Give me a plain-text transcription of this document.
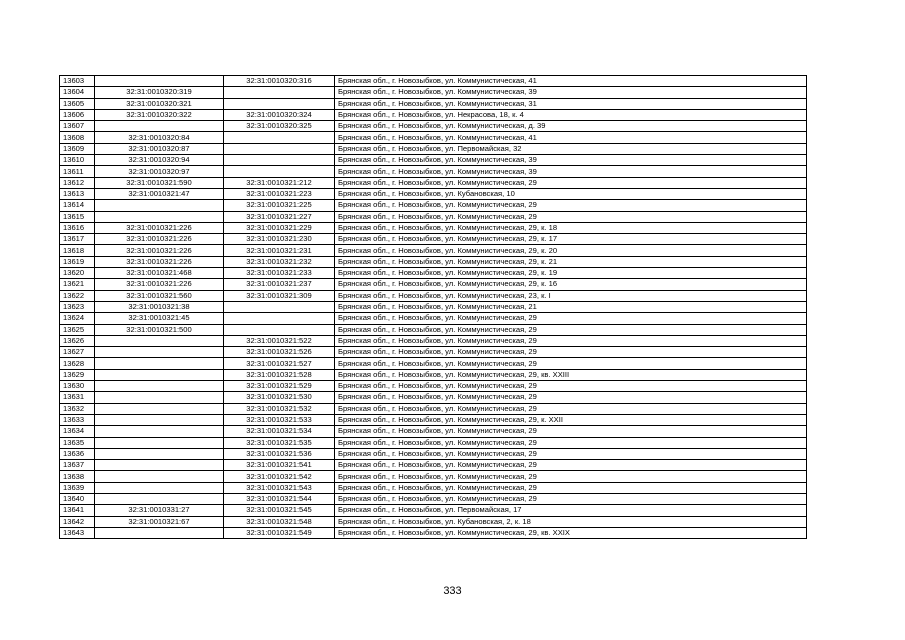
13603		32:31:0010320:316	Брянская обл., г. Новозыбков, ул. Коммунистическая, 41
13604	32:31:0010320:319		Брянская обл., г. Новозыбков, ул. Коммунистическая, 39
13605	32:31:0010320:321		Брянская обл., г. Новозыбков, ул. Коммунистическая, 31
13606	32:31:0010320:322	32:31:0010320:324	Брянская обл., г. Новозыбков, ул. Некрасова, 18, к. 4
13607		32:31:0010320:325	Брянская обл., г. Новозыбков, ул. Коммунистическая, д. 39
13608	32:31:0010320:84		Брянская обл., г. Новозыбков, ул. Коммунистическая, 41
13609	32:31:0010320:87		Брянская обл., г. Новозыбков, ул. Первомайская, 32
13610	32:31:0010320:94		Брянская обл., г. Новозыбков, ул. Коммунистическая, 39
13611	32:31:0010320:97		Брянская обл., г. Новозыбков, ул. Коммунистическая, 39
13612	32:31:0010321:590	32:31:0010321:212	Брянская обл., г. Новозыбков, ул. Коммунистическая, 29
13613	32:31:0010321:47	32:31:0010321:223	Брянская обл., г. Новозыбков, ул. Кубановская, 10
13614		32:31:0010321:225	Брянская обл., г. Новозыбков, ул. Коммунистическая, 29
13615		32:31:0010321:227	Брянская обл., г. Новозыбков, ул. Коммунистическая, 29
13616	32:31:0010321:226	32:31:0010321:229	Брянская обл., г. Новозыбков, ул. Коммунистическая, 29, к. 18
13617	32:31:0010321:226	32:31:0010321:230	Брянская обл., г. Новозыбков, ул. Коммунистическая, 29, к. 17
13618	32:31:0010321:226	32:31:0010321:231	Брянская обл., г. Новозыбков, ул. Коммунистическая, 29, к. 20
13619	32:31:0010321:226	32:31:0010321:232	Брянская обл., г. Новозыбков, ул. Коммунистическая, 29, к. 21
13620	32:31:0010321:468	32:31:0010321:233	Брянская обл., г. Новозыбков, ул. Коммунистическая, 29, к. 19
13621	32:31:0010321:226	32:31:0010321:237	Брянская обл., г. Новозыбков, ул. Коммунистическая, 29, к. 16
13622	32:31:0010321:560	32:31:0010321:309	Брянская обл., г. Новозыбков, ул. Коммунистическая, 23, к. I
13623	32:31:0010321:38		Брянская обл., г. Новозыбков, ул. Коммунистическая, 21
13624	32:31:0010321:45		Брянская обл., г. Новозыбков, ул. Коммунистическая, 29
13625	32:31:0010321:500		Брянская обл., г. Новозыбков, ул. Коммунистическая, 29
13626		32:31:0010321:522	Брянская обл., г. Новозыбков, ул. Коммунистическая, 29
13627		32:31:0010321:526	Брянская обл., г. Новозыбков, ул. Коммунистическая, 29
13628		32:31:0010321:527	Брянская обл., г. Новозыбков, ул. Коммунистическая, 29
13629		32:31:0010321:528	Брянская обл., г. Новозыбков, ул. Коммунистическая, 29, кв. XXIII
13630		32:31:0010321:529	Брянская обл., г. Новозыбков, ул. Коммунистическая, 29
13631		32:31:0010321:530	Брянская обл., г. Новозыбков, ул. Коммунистическая, 29
13632		32:31:0010321:532	Брянская обл., г. Новозыбков, ул. Коммунистическая, 29
13633		32:31:0010321:533	Брянская обл., г. Новозыбков, ул. Коммунистическая, 29, к. XXII
13634		32:31:0010321:534	Брянская обл., г. Новозыбков, ул. Коммунистическая, 29
13635		32:31:0010321:535	Брянская обл., г. Новозыбков, ул. Коммунистическая, 29
13636		32:31:0010321:536	Брянская обл., г. Новозыбков, ул. Коммунистическая, 29
13637		32:31:0010321:541	Брянская обл., г. Новозыбков, ул. Коммунистическая, 29
13638		32:31:0010321:542	Брянская обл., г. Новозыбков, ул. Коммунистическая, 29
13639		32:31:0010321:543	Брянская обл., г. Новозыбков, ул. Коммунистическая, 29
13640		32:31:0010321:544	Брянская обл., г. Новозыбков, ул. Коммунистическая, 29
13641	32:31:0010331:27	32:31:0010321:545	Брянская обл., г. Новозыбков, ул. Первомайская, 17
13642	32:31:0010321:67	32:31:0010321:548	Брянская обл., г. Новозыбков, ул. Кубановская, 2, к. 18
13643		32:31:0010321:549	Брянская обл., г. Новозыбков, ул. Коммунистическая, 29, кв. XXIX
333
